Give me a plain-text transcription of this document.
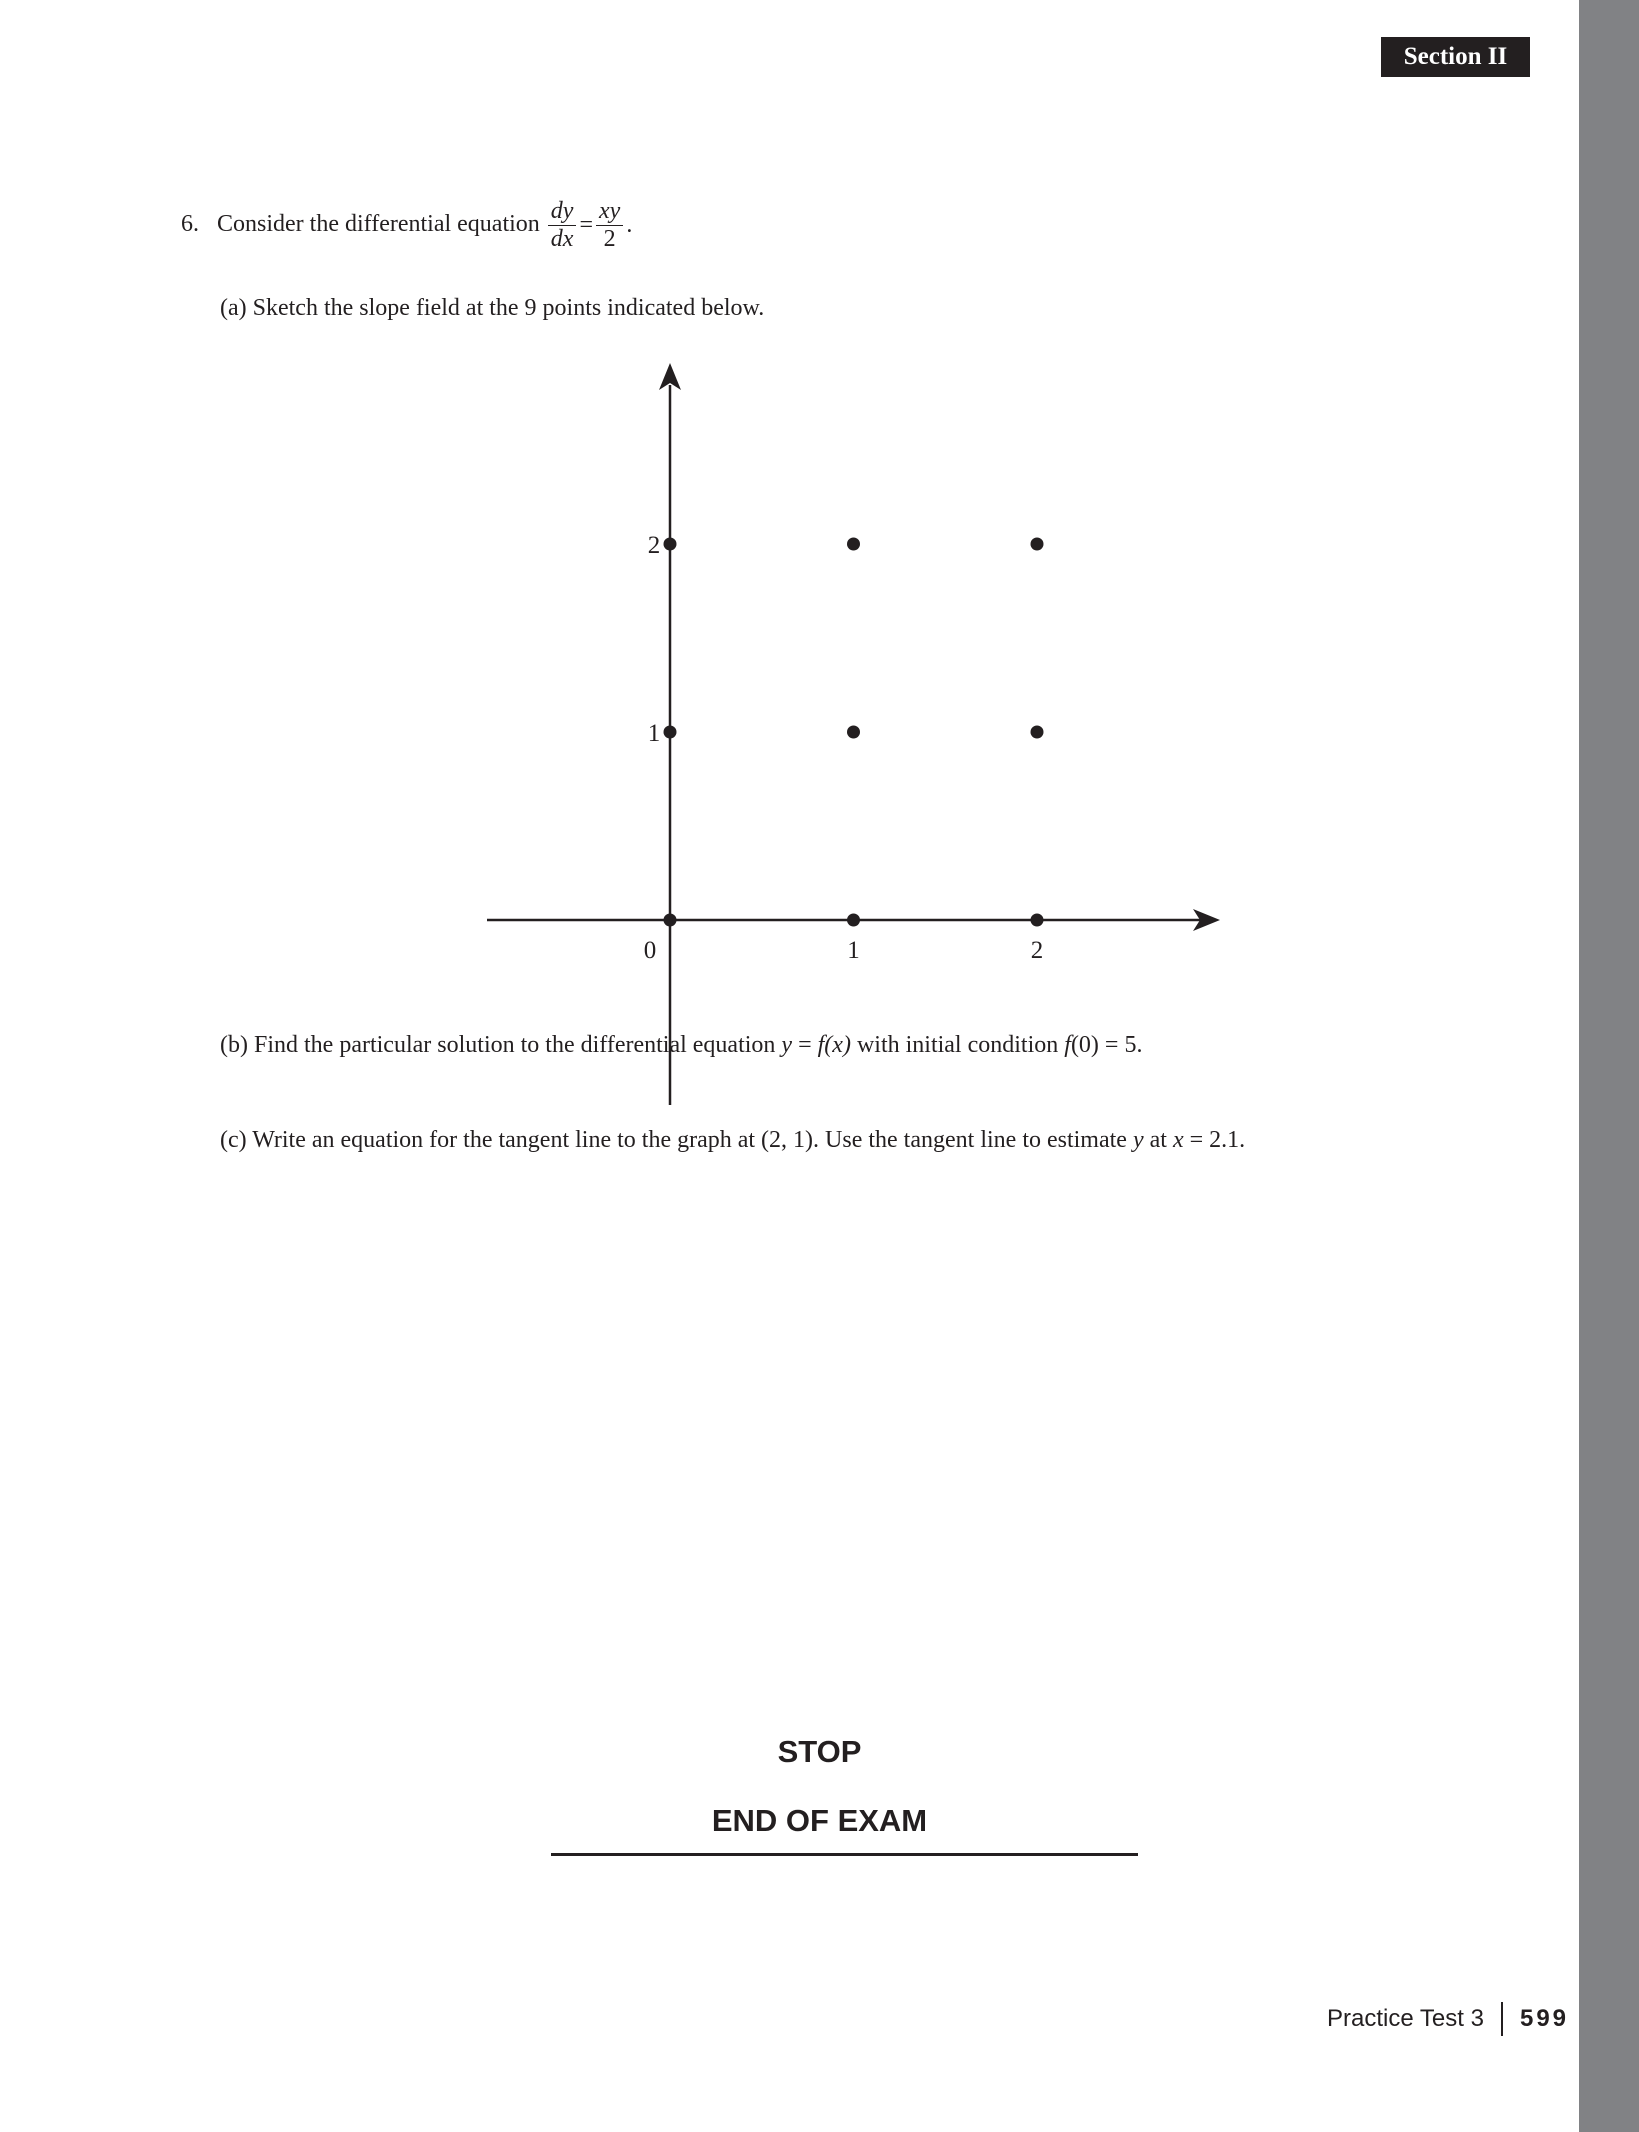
Section II
6. Consider the differential equation $\frac{dy}{dx} = \frac{xy}{2}$ .
(a) Sketch the slope field at the 9 points indicated below.
0	1	2
1
2
(b) Find the particular solution to the differential equation y = f(x) with initial condition f(0) = 5.
(c) Write an equation for the tangent line to the graph at (2, 1). Use the tangent line to estimate y at x = 2.1.
STOP
END OF EXAM
Practice Test 3 599
